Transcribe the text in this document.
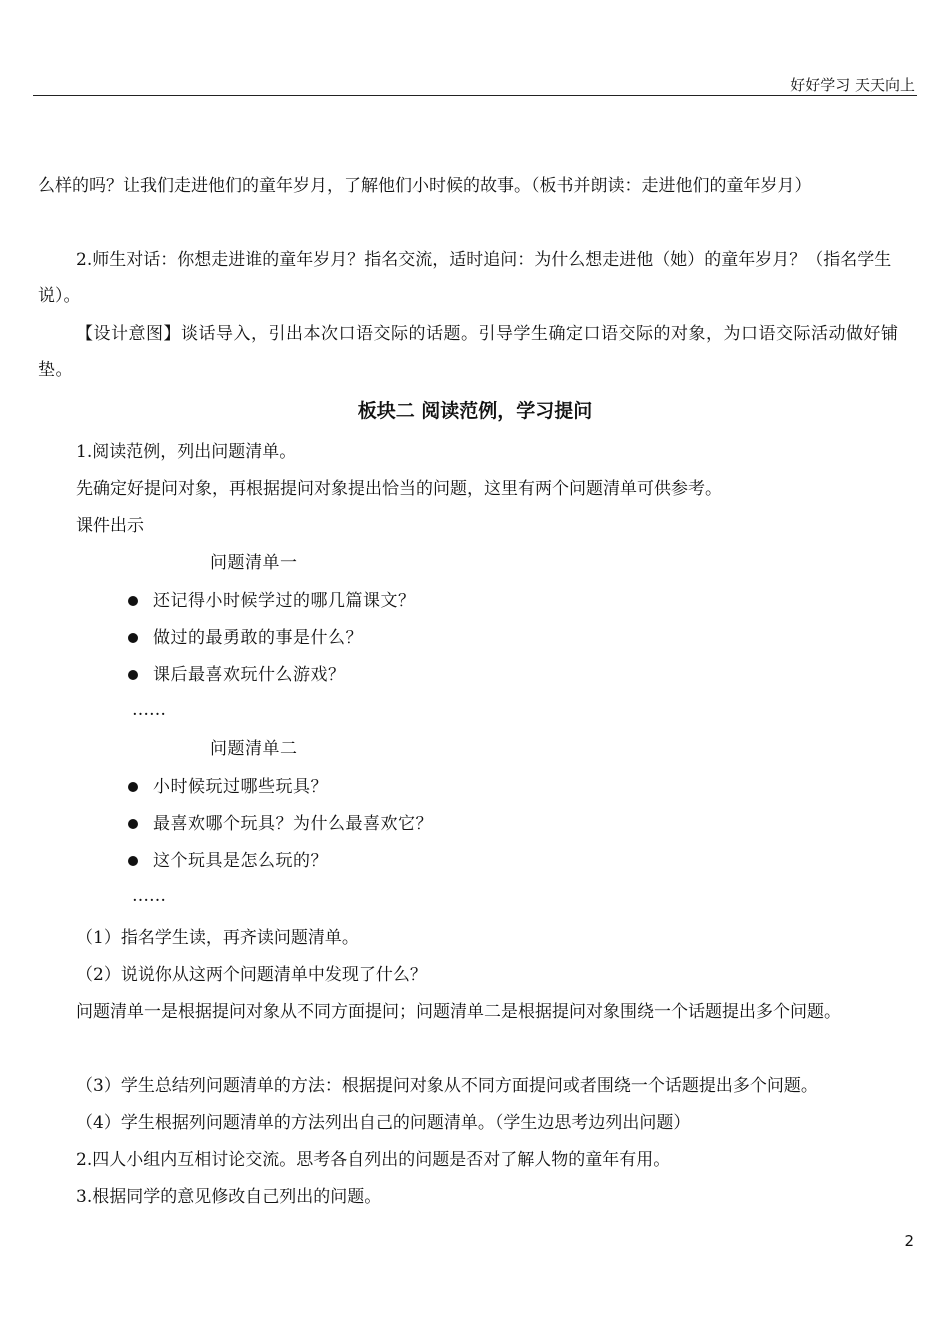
好好学习 天天向上

么样的吗？让我们走进他们的童年岁月，了解他们小时候的故事。（板书并朗读：走进他们的童年岁月）

2.师生对话：你想走进谁的童年岁月？指名交流，适时追问：为什么想走进他（她）的童年岁月？（指名学生说）。

【设计意图】谈话导入，引出本次口语交际的话题。引导学生确定口语交际的对象，为口语交际活动做好铺垫。

板块二 阅读范例，学习提问
1.阅读范例，列出问题清单。
先确定好提问对象，再根据提问对象提出恰当的问题，这里有两个问题清单可供参考。
课件出示
问题清单一
还记得小时候学过的哪几篇课文？
做过的最勇敢的事是什么？
课后最喜欢玩什么游戏？
……
问题清单二
小时候玩过哪些玩具？
最喜欢哪个玩具？为什么最喜欢它？
这个玩具是怎么玩的？
……
（1）指名学生读，再齐读问题清单。
（2）说说你从这两个问题清单中发现了什么？

问题清单一是根据提问对象从不同方面提问；问题清单二是根据提问对象围绕一个话题提出多个问题。

（3）学生总结列问题清单的方法：根据提问对象从不同方面提问或者围绕一个话题提出多个问题。
（4）学生根据列问题清单的方法列出自己的问题清单。（学生边思考边列出问题）
2.四人小组内互相讨论交流。思考各自列出的问题是否对了解人物的童年有用。
3.根据同学的意见修改自己列出的问题。
2
